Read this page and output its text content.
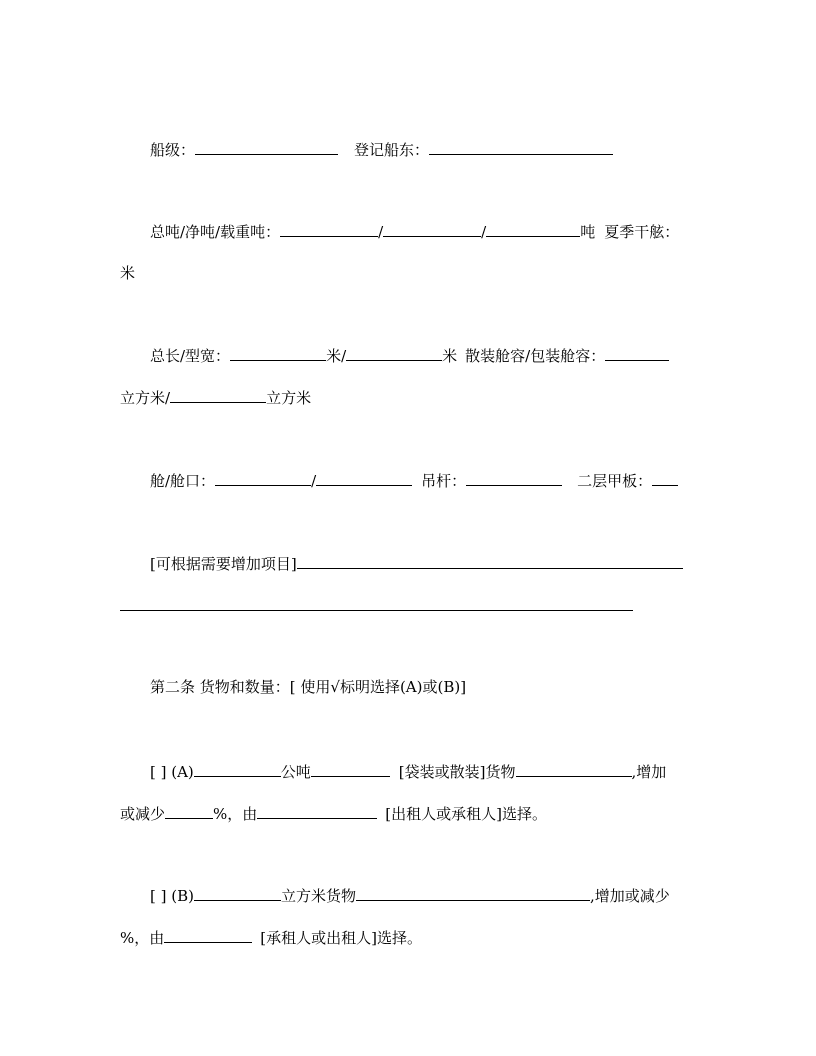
船级：	登记船东：
总吨/净吨/载重吨：	/	/	吨 夏季干舷：
米
总长/型宽：	米/	米 散装舱容/包装舱容：
立方米/	立方米
舱/舱口：	/	吊杆：	二层甲板：
[可根据需要增加项目]
第二条 货物和数量：[ 使用√标明选择(A)或(B)]
[ ] (A)	公吨	[袋装或散装]货物	,增加
或减少	%，由	[出租人或承租人]选择。
[ ] (B)	立方米货物	,增加或减少
%，由	[承租人或出租人]选择。
